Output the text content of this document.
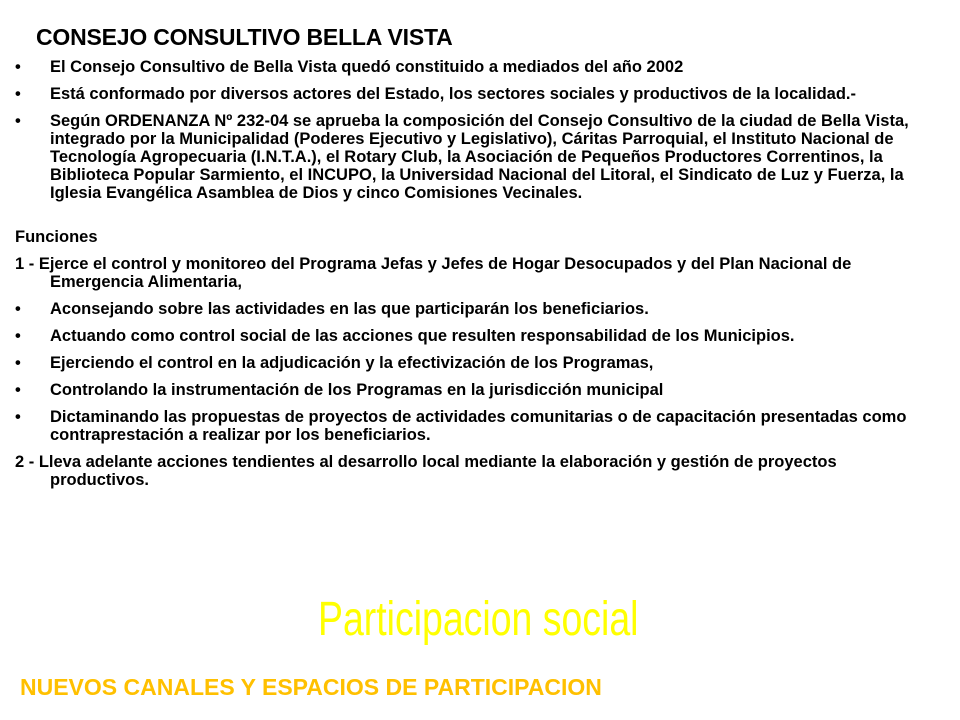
CONSEJO CONSULTIVO BELLA VISTA
• El Consejo Consultivo de Bella Vista quedó constituido a mediados del año 2002
• Está conformado por diversos actores del Estado, los sectores sociales y productivos de la localidad.-
• Según ORDENANZA Nº 232-04 se aprueba la composición del Consejo Consultivo de la ciudad de Bella Vista, integrado por la Municipalidad (Poderes Ejecutivo y Legislativo), Cáritas Parroquial, el Instituto Nacional de Tecnología Agropecuaria (I.N.T.A.), el Rotary Club, la Asociación de Pequeños Productores Correntinos, la Biblioteca Popular Sarmiento, el INCUPO, la Universidad Nacional del Litoral, el Sindicato de Luz y Fuerza, la Iglesia Evangélica Asamblea de Dios y cinco Comisiones Vecinales.
Funciones
1 - Ejerce el control y monitoreo del Programa Jefas y Jefes de Hogar Desocupados y del Plan Nacional de Emergencia Alimentaria,
• Aconsejando sobre las actividades en las que participarán los beneficiarios.
• Actuando como control social de las acciones que resulten responsabilidad de los Municipios.
• Ejerciendo el control en la adjudicación y la efectivización de los Programas,
• Controlando la instrumentación de los Programas en la jurisdicción municipal
• Dictaminando las propuestas de proyectos de actividades comunitarias o de capacitación presentadas como contraprestación a realizar por los beneficiarios.
2 - Lleva adelante acciones tendientes al desarrollo local mediante la elaboración y gestión de proyectos productivos.
Participacion social
NUEVOS CANALES Y ESPACIOS DE PARTICIPACION
